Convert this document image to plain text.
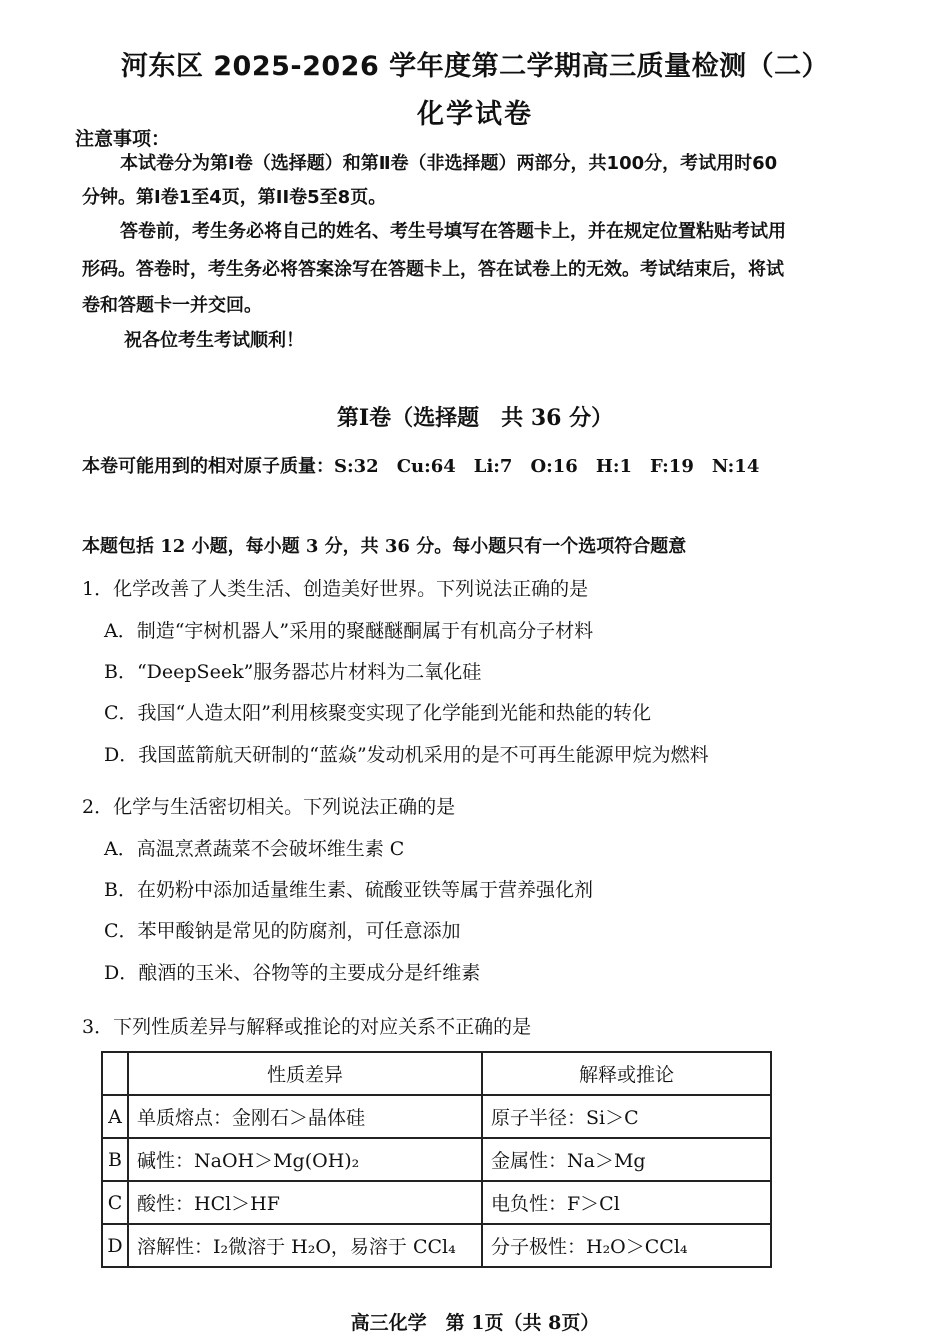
河东区 2025-2026 学年度第二学期高三质量检测（二）
化学试卷
注意事项：
本试卷分为第Ⅰ卷（选择题）和第Ⅱ卷（非选择题）两部分，共100分，考试用时60
分钟。第Ⅰ卷1至4页，第II卷5至8页。
答卷前，考生务必将自己的姓名、考生号填写在答题卡上，并在规定位置粘贴考试用
形码。答卷时，考生务必将答案涂写在答题卡上，答在试卷上的无效。考试结束后，将试
卷和答题卡一并交回。
祝各位考生考试顺利！
第Ⅰ卷（选择题　共 36 分）
本卷可能用到的相对原子质量：S:32　Cu:64　Li:7　O:16　H:1　F:19　N:14
本题包括 12 小题，每小题 3 分，共 36 分。每小题只有一个选项符合题意
1．化学改善了人类生活、创造美好世界。下列说法正确的是
A．制造“宇树机器人”采用的聚醚醚酮属于有机高分子材料
B．“DeepSeek”服务器芯片材料为二氧化硅
C．我国“人造太阳”利用核聚变实现了化学能到光能和热能的转化
D．我国蓝箭航天研制的“蓝焱”发动机采用的是不可再生能源甲烷为燃料
2．化学与生活密切相关。下列说法正确的是
A．高温烹煮蔬菜不会破坏维生素 C
B．在奶粉中添加适量维生素、硫酸亚铁等属于营养强化剂
C．苯甲酸钠是常见的防腐剂，可任意添加
D．酿酒的玉米、谷物等的主要成分是纤维素
3．下列性质差异与解释或推论的对应关系不正确的是
	性质差异	解释或推论
A	单质熔点：金刚石＞晶体硅	原子半径：Si＞C
B	碱性：NaOH＞Mg(OH)₂	金属性：Na＞Mg
C	酸性：HCl＞HF	电负性：F＞Cl
D	溶解性：I₂微溶于 H₂O，易溶于 CCl₄	分子极性：H₂O＞CCl₄
高三化学　第 1页（共 8页）
